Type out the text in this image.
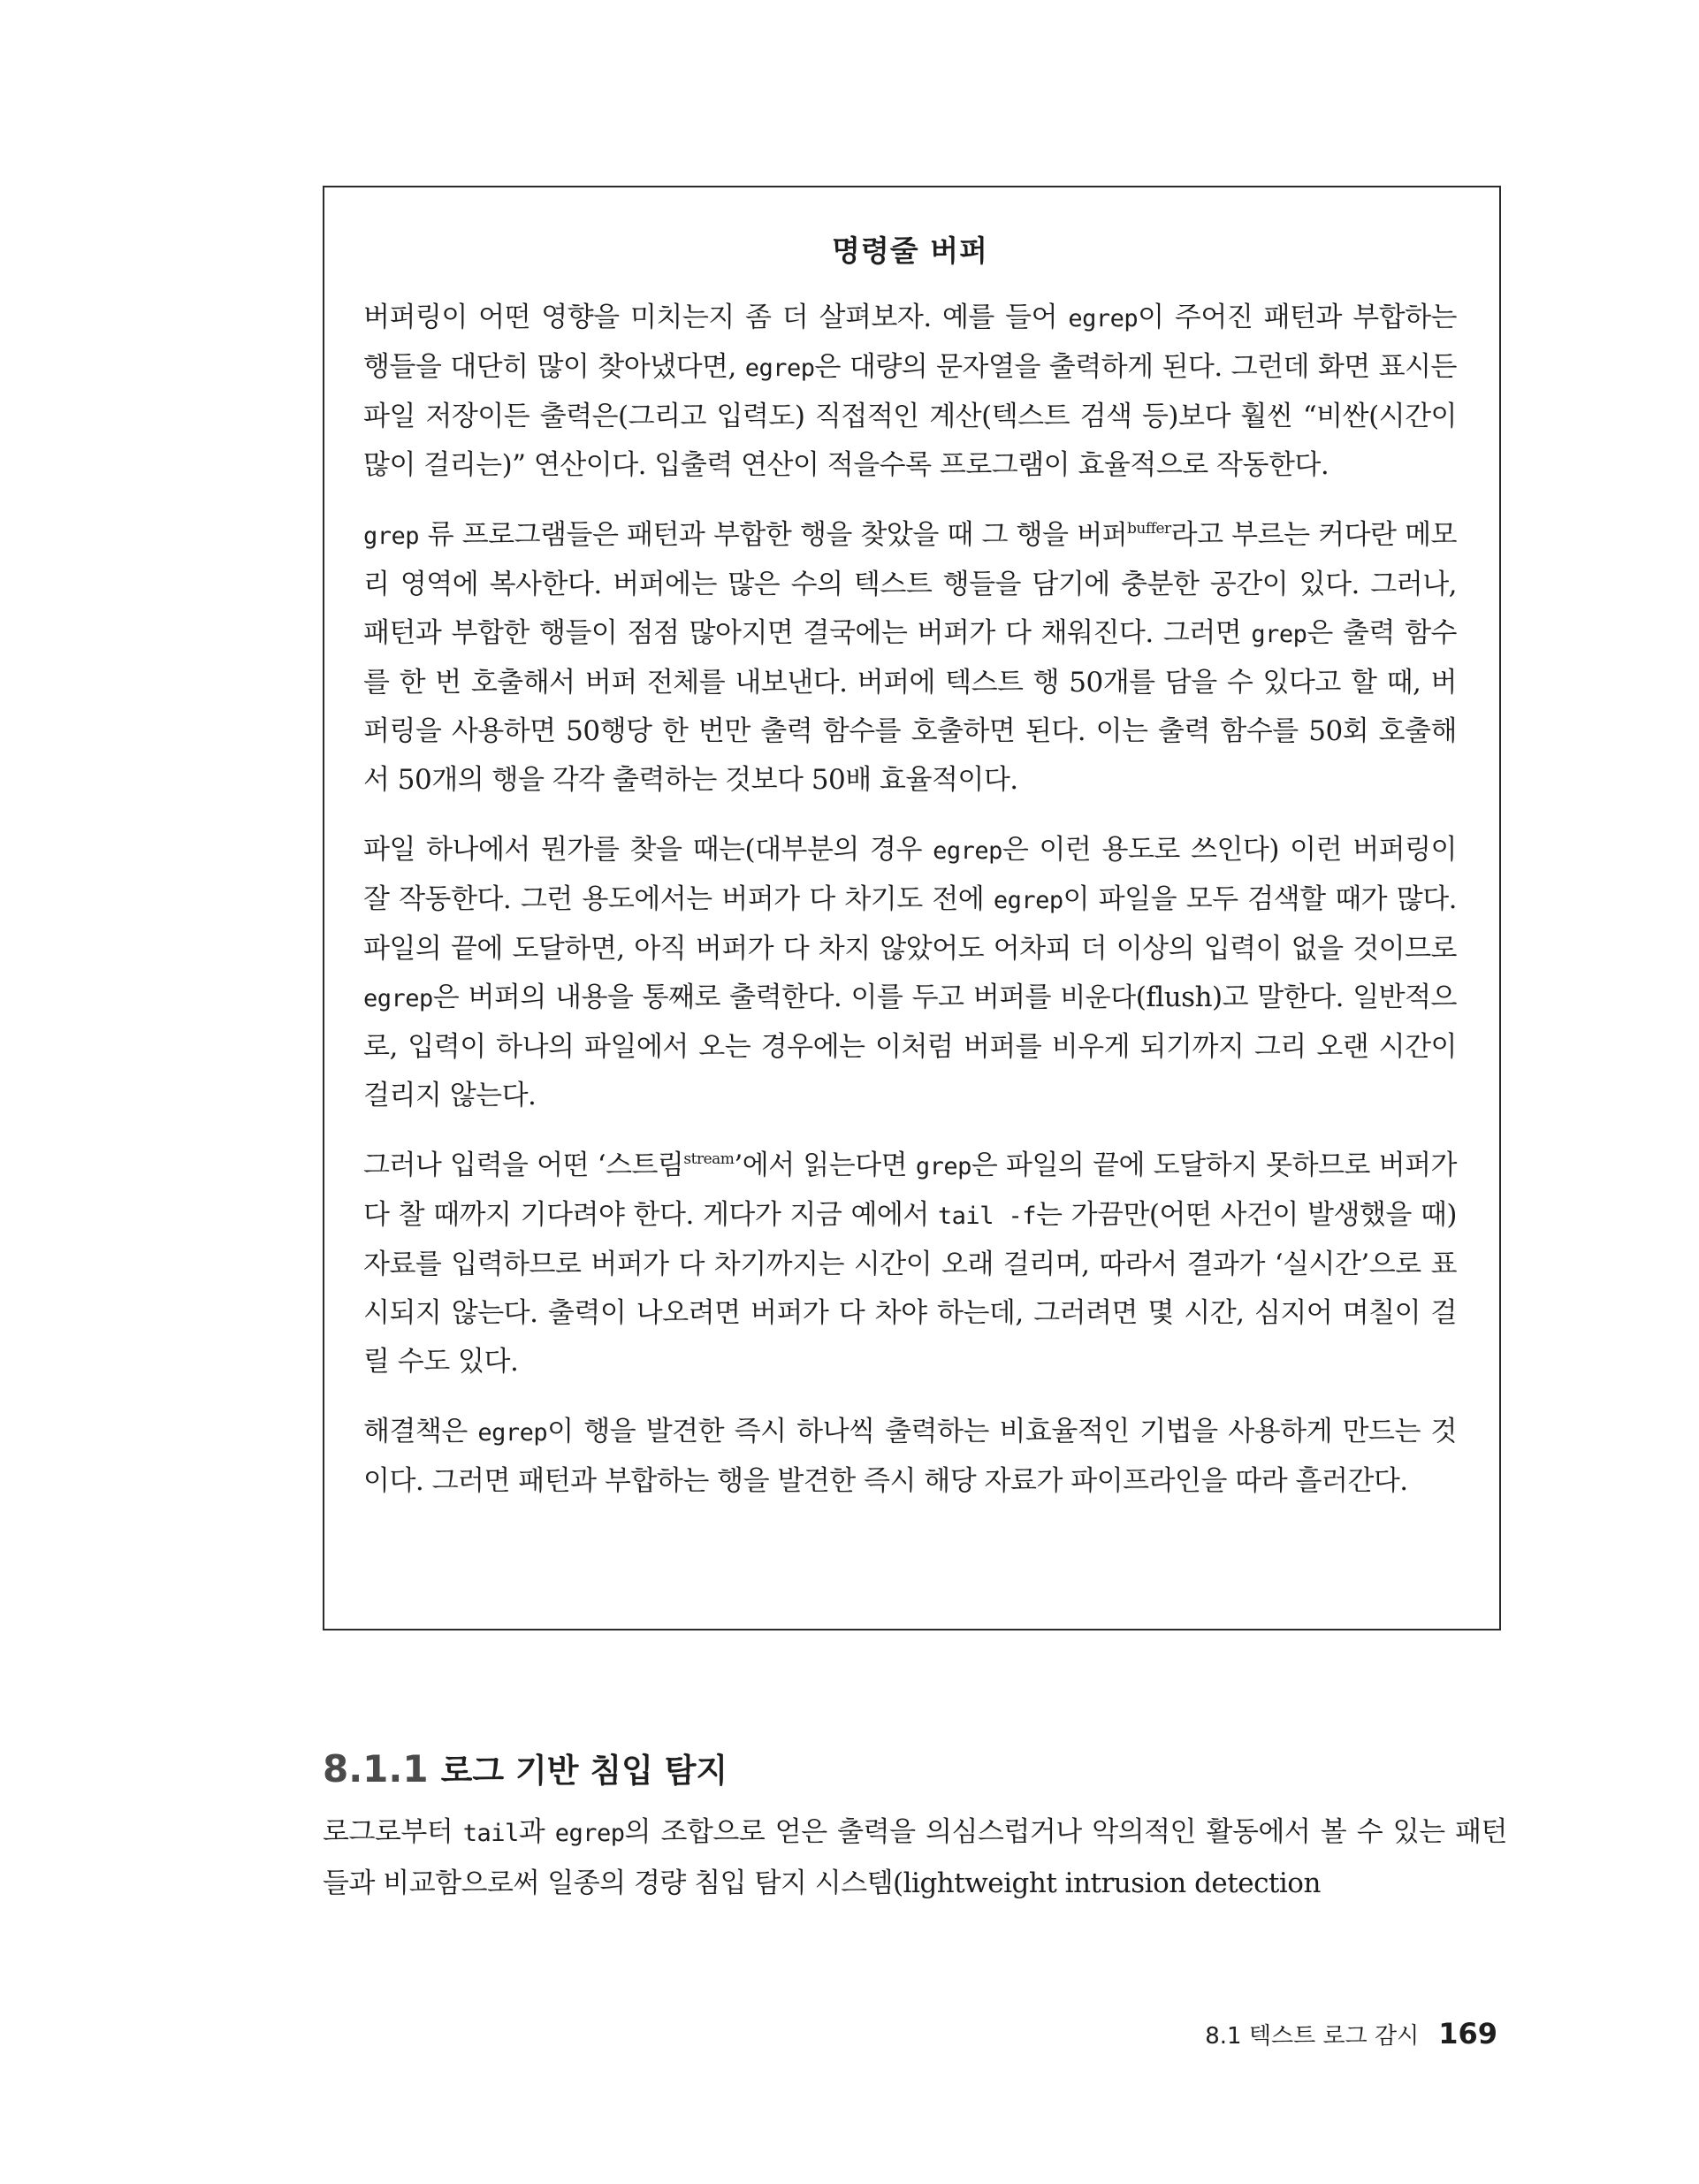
명령줄 버퍼

버퍼링이 어떤 영향을 미치는지 좀 더 살펴보자. 예를 들어 egrep이 주어진 패턴과 부합하는 행들을 대단히 많이 찾아냈다면, egrep은 대량의 문자열을 출력하게 된다. 그런데 화면 표시든 파일 저장이든 출력은(그리고 입력도) 직접적인 계산(텍스트 검색 등)보다 훨씬 “비싼(시간이 많이 걸리는)” 연산이다. 입출력 연산이 적을수록 프로그램이 효율적으로 작동한다.

grep 류 프로그램들은 패턴과 부합한 행을 찾았을 때 그 행을 버퍼$^{buffer}$라고 부르는 커다란 메모리 영역에 복사한다. 버퍼에는 많은 수의 텍스트 행들을 담기에 충분한 공간이 있다. 그러나, 패턴과 부합한 행들이 점점 많아지면 결국에는 버퍼가 다 채워진다. 그러면 grep은 출력 함수를 한 번 호출해서 버퍼 전체를 내보낸다. 버퍼에 텍스트 행 50개를 담을 수 있다고 할 때, 버퍼링을 사용하면 50행당 한 번만 출력 함수를 호출하면 된다. 이는 출력 함수를 50회 호출해서 50개의 행을 각각 출력하는 것보다 50배 효율적이다.

파일 하나에서 뭔가를 찾을 때는(대부분의 경우 egrep은 이런 용도로 쓰인다) 이런 버퍼링이 잘 작동한다. 그런 용도에서는 버퍼가 다 차기도 전에 egrep이 파일을 모두 검색할 때가 많다. 파일의 끝에 도달하면, 아직 버퍼가 다 차지 않았어도 어차피 더 이상의 입력이 없을 것이므로 egrep은 버퍼의 내용을 통째로 출력한다. 이를 두고 버퍼를 비운다(flush)고 말한다. 일반적으로, 입력이 하나의 파일에서 오는 경우에는 이처럼 버퍼를 비우게 되기까지 그리 오랜 시간이 걸리지 않는다.

그러나 입력을 어떤 ‘스트림$^{stream}$’에서 읽는다면 grep은 파일의 끝에 도달하지 못하므로 버퍼가 다 찰 때까지 기다려야 한다. 게다가 지금 예에서 tail -f는 가끔만(어떤 사건이 발생했을 때) 자료를 입력하므로 버퍼가 다 차기까지는 시간이 오래 걸리며, 따라서 결과가 ‘실시간’으로 표시되지 않는다. 출력이 나오려면 버퍼가 다 차야 하는데, 그러려면 몇 시간, 심지어 며칠이 걸릴 수도 있다.

해결책은 egrep이 행을 발견한 즉시 하나씩 출력하는 비효율적인 기법을 사용하게 만드는 것이다. 그러면 패턴과 부합하는 행을 발견한 즉시 해당 자료가 파이프라인을 따라 흘러간다.

8.1.1 로그 기반 침입 탐지

로그로부터 tail과 egrep의 조합으로 얻은 출력을 의심스럽거나 악의적인 활동에서 볼 수 있는 패턴들과 비교함으로써 일종의 경량 침입 탐지 시스템(lightweight intrusion detection

8.1 텍스트 로그 감시 169
